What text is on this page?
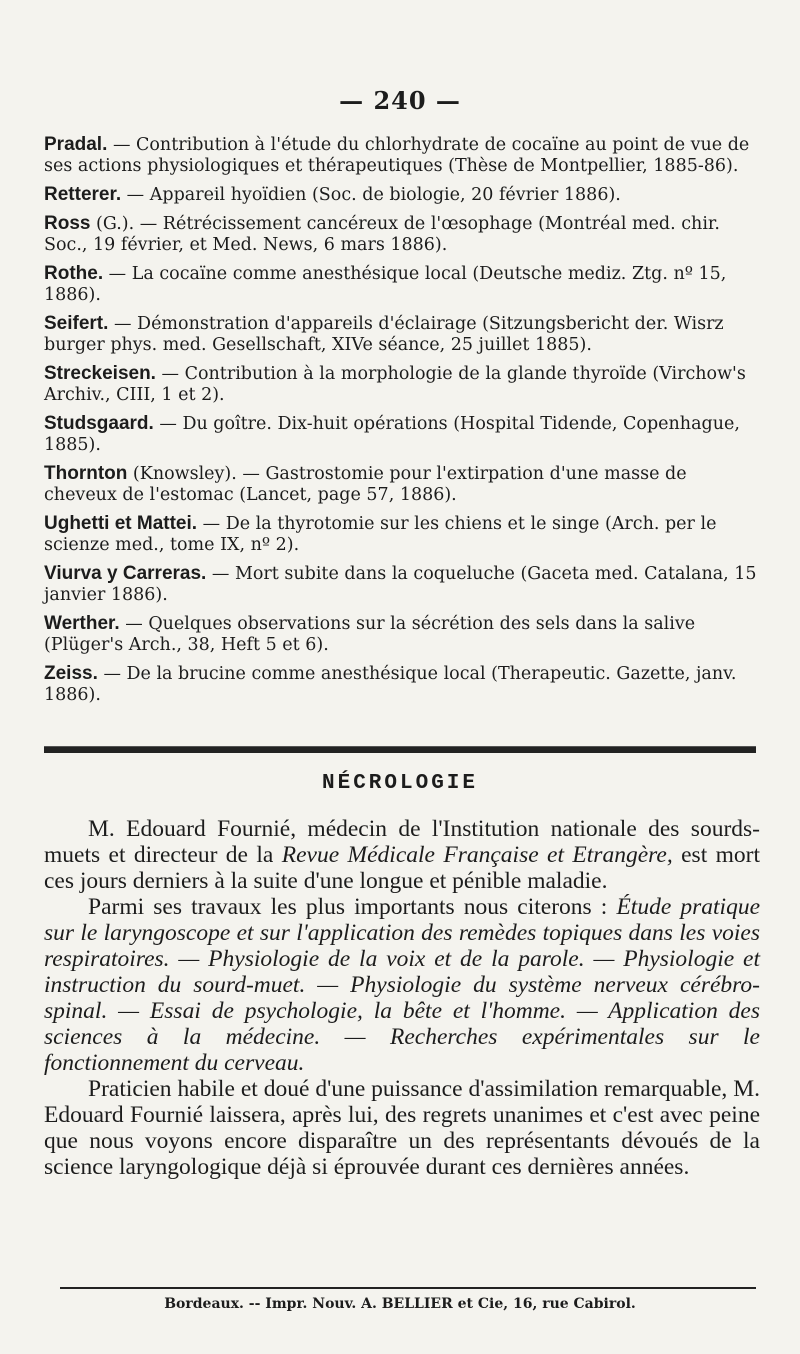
— 240 —

Pradal. — Contribution à l'étude du chlorhydrate de cocaïne au point de vue de ses actions physiologiques et thérapeutiques (Thèse de Montpellier, 1885-86).

Retterer. — Appareil hyoïdien (Soc. de biologie, 20 février 1886).

Ross (G.). — Rétrécissement cancéreux de l'œsophage (Montréal med. chir. Soc., 19 février, et Med. News, 6 mars 1886).

Rothe. — La cocaïne comme anesthésique local (Deutsche mediz. Ztg. nº 15, 1886).

Seifert. — Démonstration d'appareils d'éclairage (Sitzungsbericht der. Wisrz burger phys. med. Gesellschaft, XIVe séance, 25 juillet 1885).

Streckeisen. — Contribution à la morphologie de la glande thyroïde (Virchow's Archiv., CIII, 1 et 2).

Studsgaard. — Du goître. Dix-huit opérations (Hospital Tidende, Copenhague, 1885).

Thornton (Knowsley). — Gastrostomie pour l'extirpation d'une masse de cheveux de l'estomac (Lancet, page 57, 1886).

Ughetti et Mattei. — De la thyrotomie sur les chiens et le singe (Arch. per le scienze med., tome IX, nº 2).

Viurva y Carreras. — Mort subite dans la coqueluche (Gaceta med. Catalana, 15 janvier 1886).

Werther. — Quelques observations sur la sécrétion des sels dans la salive (Plüger's Arch., 38, Heft 5 et 6).

Zeiss. — De la brucine comme anesthésique local (Therapeutic. Gazette, janv. 1886).

NÉCROLOGIE

M. Edouard Fournié, médecin de l'Institution nationale des sourds-muets et directeur de la Revue Médicale Française et Etrangère, est mort ces jours derniers à la suite d'une longue et pénible maladie.

Parmi ses travaux les plus importants nous citerons : Étude pratique sur le laryngoscope et sur l'application des remèdes topiques dans les voies respiratoires. — Physiologie de la voix et de la parole. — Physiologie et instruction du sourd-muet. — Physiologie du système nerveux cérébro-spinal. — Essai de psychologie, la bête et l'homme. — Application des sciences à la médecine. — Recherches expérimentales sur le fonctionnement du cerveau.

Praticien habile et doué d'une puissance d'assimilation remarquable, M. Edouard Fournié laissera, après lui, des regrets unanimes et c'est avec peine que nous voyons encore disparaître un des représentants dévoués de la science laryngologique déjà si éprouvée durant ces dernières années.

Bordeaux. -- Impr. Nouv. A. BELLIER et Cie, 16, rue Cabirol.
